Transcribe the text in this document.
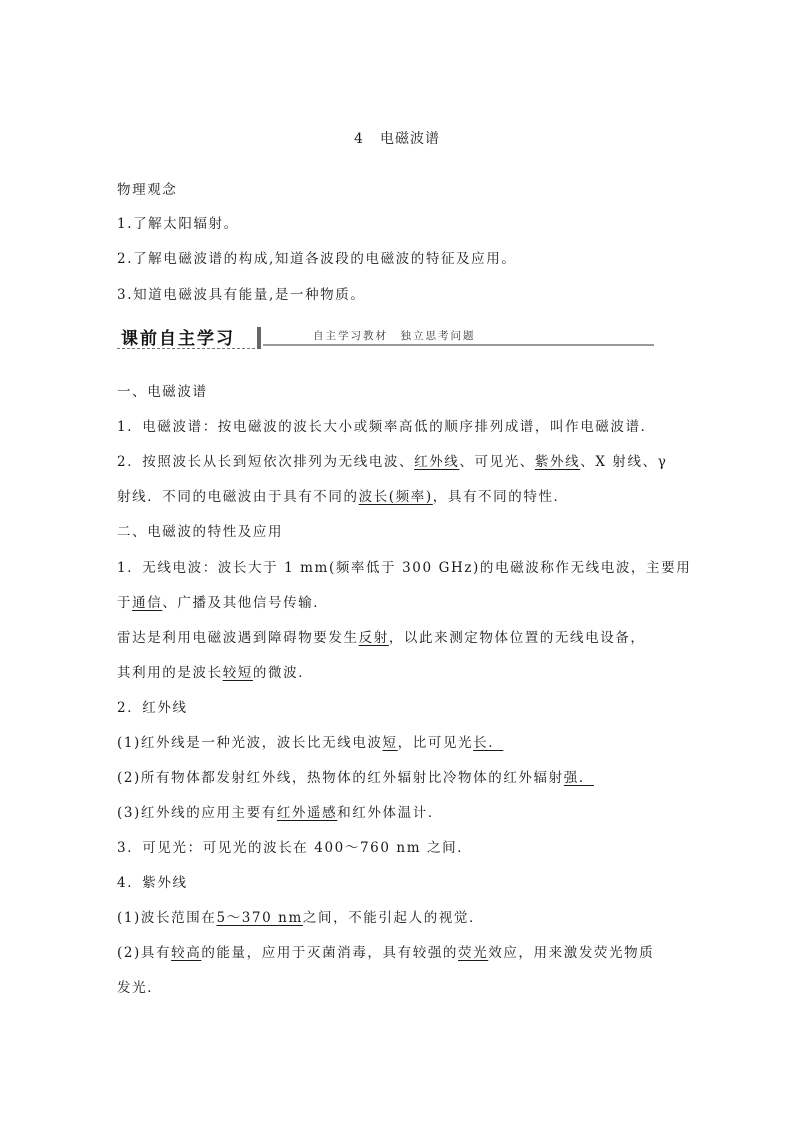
4 电磁波谱
物理观念
1.了解太阳辐射。
2.了解电磁波谱的构成,知道各波段的电磁波的特征及应用。
3.知道电磁波具有能量,是一种物质。
课前自主学习	自主学习教材　独立思考问题
一、电磁波谱
1．电磁波谱：按电磁波的波长大小或频率高低的顺序排列成谱，叫作电磁波谱．
2．按照波长从长到短依次排列为无线电波、红外线、可见光、紫外线、X 射线、γ
射线．不同的电磁波由于具有不同的波长(频率)，具有不同的特性．
二、电磁波的特性及应用
1．无线电波：波长大于 1 mm(频率低于 300 GHz)的电磁波称作无线电波，主要用
于通信、广播及其他信号传输．
雷达是利用电磁波遇到障碍物要发生反射，以此来测定物体位置的无线电设备，
其利用的是波长较短的微波．
2．红外线
(1)红外线是一种光波，波长比无线电波短，比可见光长．
(2)所有物体都发射红外线，热物体的红外辐射比冷物体的红外辐射强．
(3)红外线的应用主要有红外遥感和红外体温计．
3．可见光：可见光的波长在 400～760 nm 之间．
4．紫外线
(1)波长范围在5～370 nm之间，不能引起人的视觉．
(2)具有较高的能量，应用于灭菌消毒，具有较强的荧光效应，用来激发荧光物质
发光．
